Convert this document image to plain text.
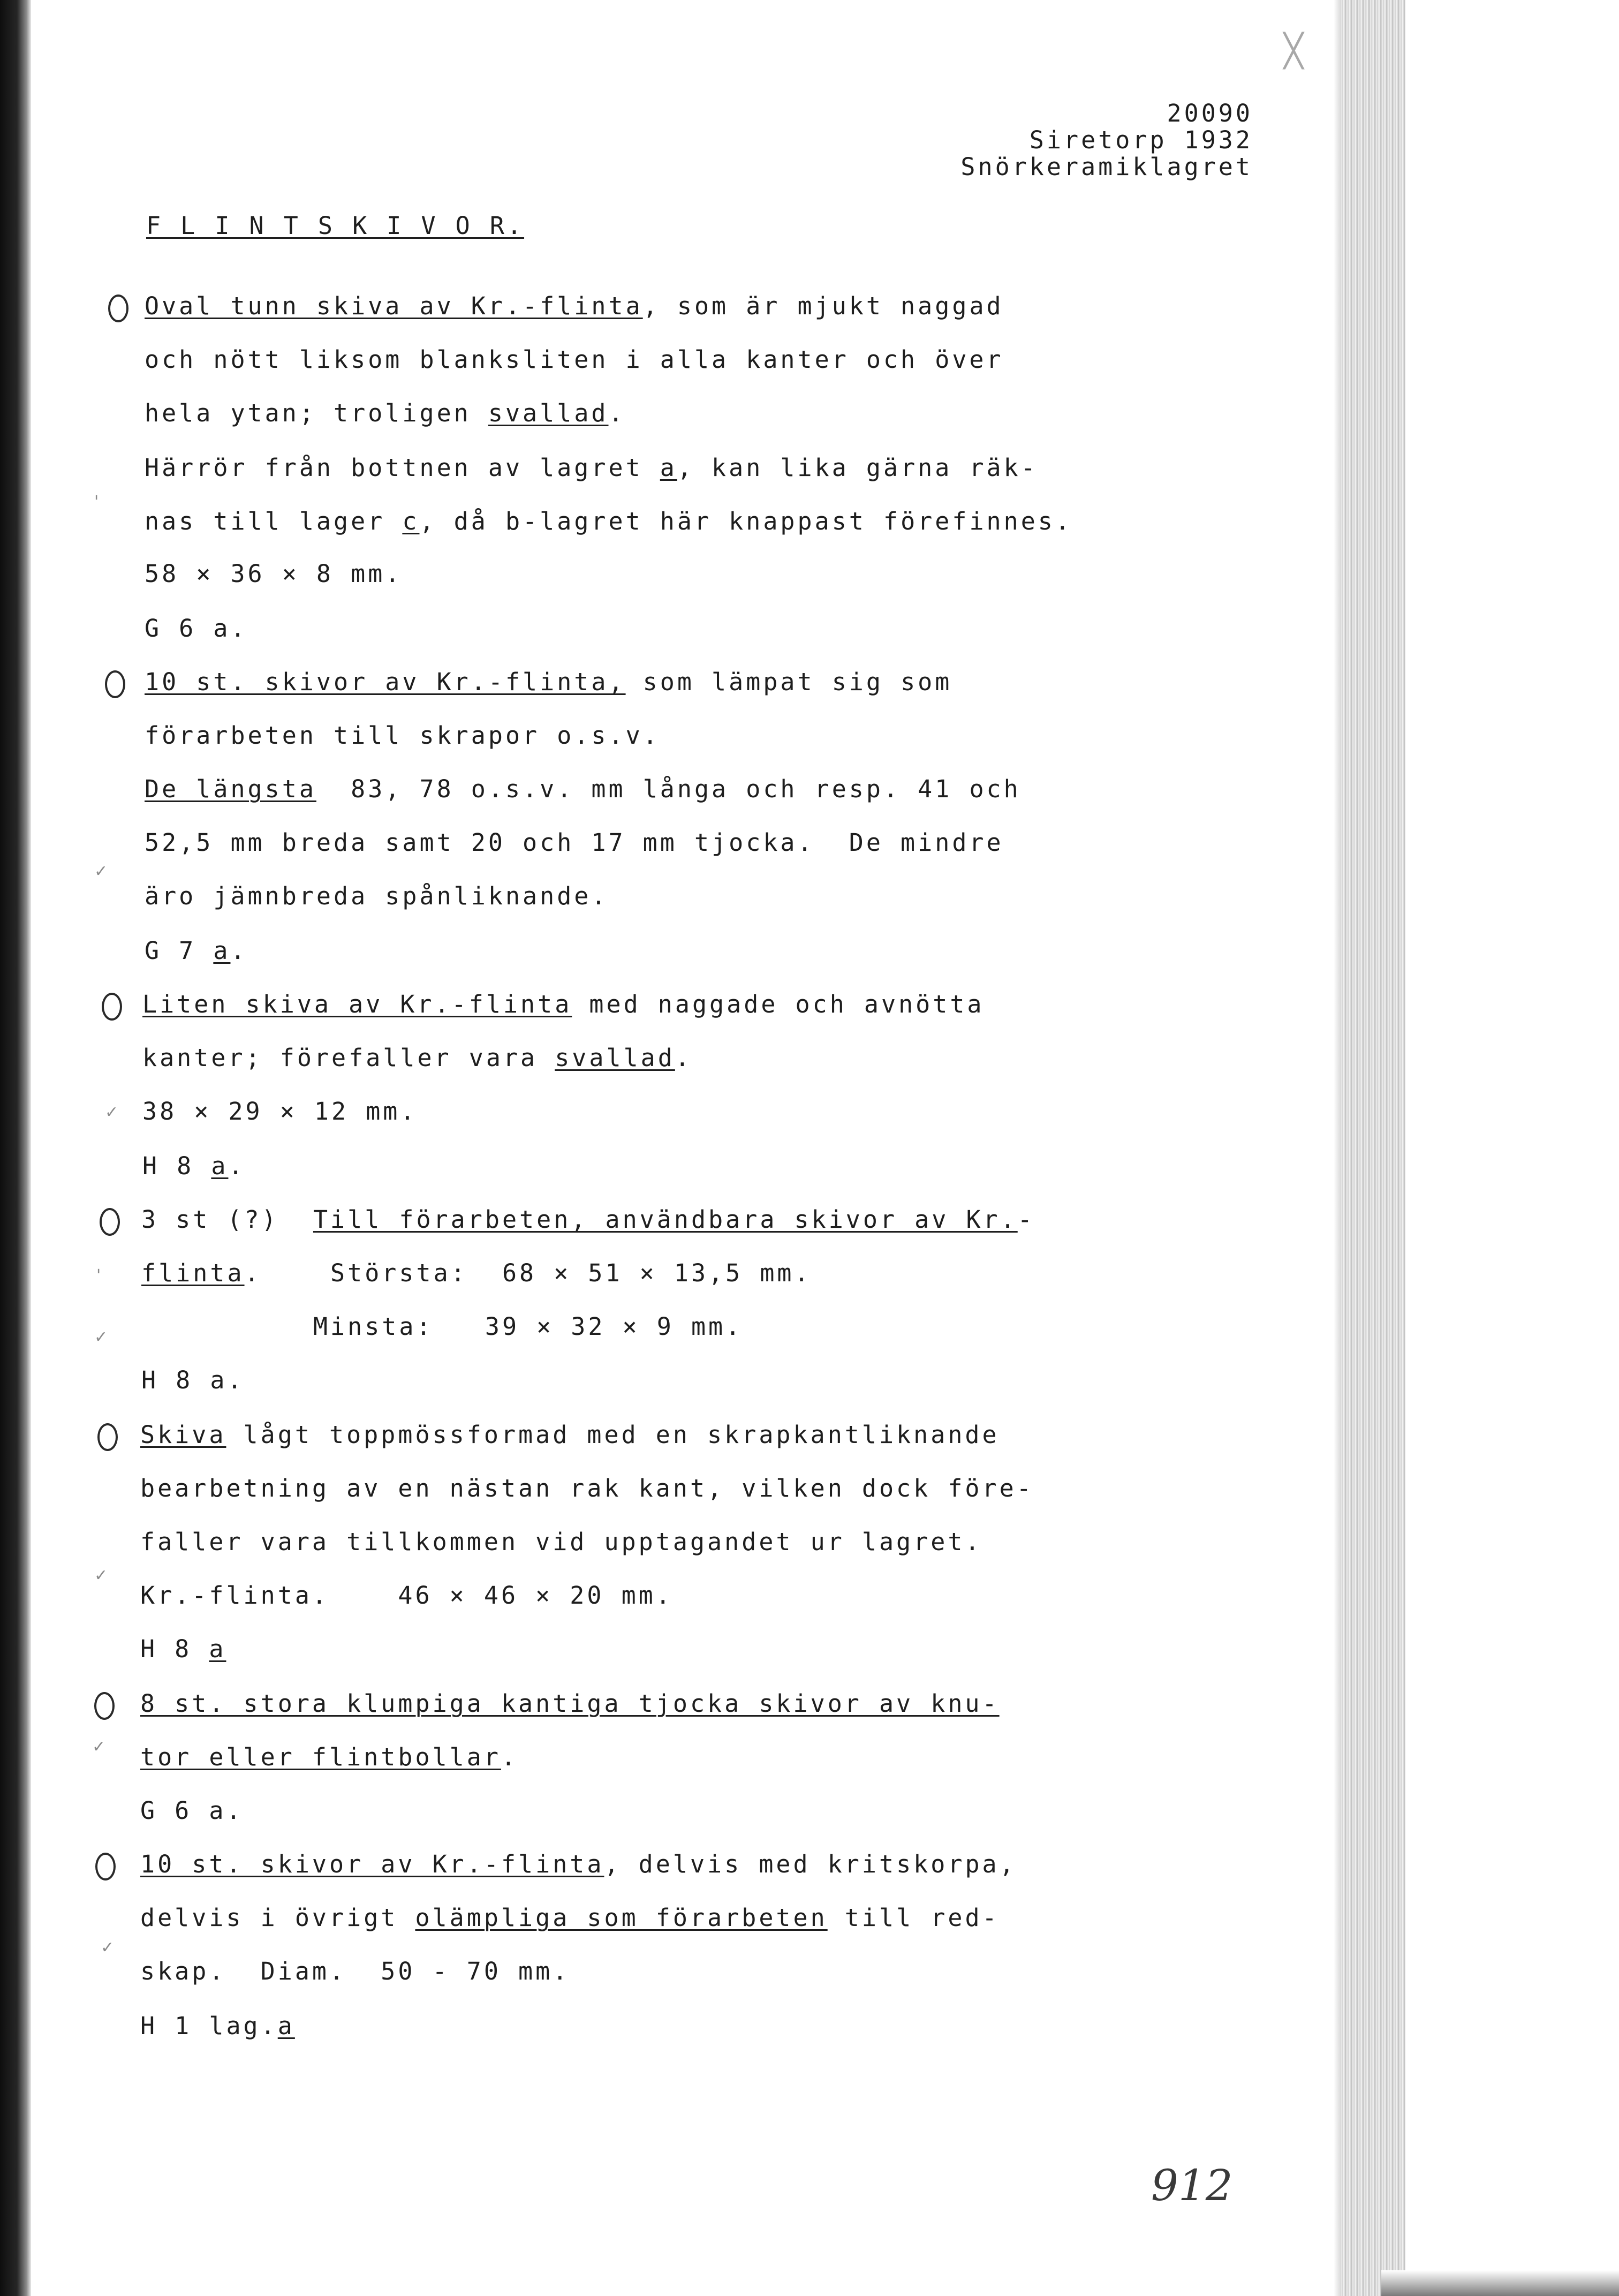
╳
20090
Siretorp 1932
Snörkeramiklagret
F L I N T S K I V O R.
Oval tunn skiva av Kr.-flinta, som är mjukt naggad
och nött liksom blanksliten i alla kanter och över
hela ytan; troligen svallad.
Härrör från bottnen av lagret a, kan lika gärna räk-
nas till lager c, då b-lagret här knappast förefinnes.
58 × 36 × 8 mm.
G 6 a.
10 st. skivor av Kr.-flinta, som lämpat sig som
förarbeten till skrapor o.s.v.
De längsta  83, 78 o.s.v. mm långa och resp. 41 och
52,5 mm breda samt 20 och 17 mm tjocka.  De mindre
äro jämnbreda spånliknande.
G 7 a.
Liten skiva av Kr.-flinta med naggade och avnötta
kanter; förefaller vara svallad.
38 × 29 × 12 mm.
H 8 a.
3 st (?)  Till förarbeten, användbara skivor av Kr.-
flinta.    Största:  68 × 51 × 13,5 mm.
Minsta:   39 × 32 × 9 mm.
H 8 a.
Skiva lågt toppmössformad med en skrapkantliknande
bearbetning av en nästan rak kant, vilken dock före-
faller vara tillkommen vid upptagandet ur lagret.
Kr.-flinta.    46 × 46 × 20 mm.
H 8 a
8 st. stora klumpiga kantiga tjocka skivor av knu-
tor eller flintbollar.
G 6 a.
10 st. skivor av Kr.-flinta, delvis med kritskorpa,
delvis i övrigt olämpliga som förarbeten till red-
skap.  Diam.  50 - 70 mm.
H 1 lag.a
'
✓
✓
'
✓
✓
✓
✓
912
